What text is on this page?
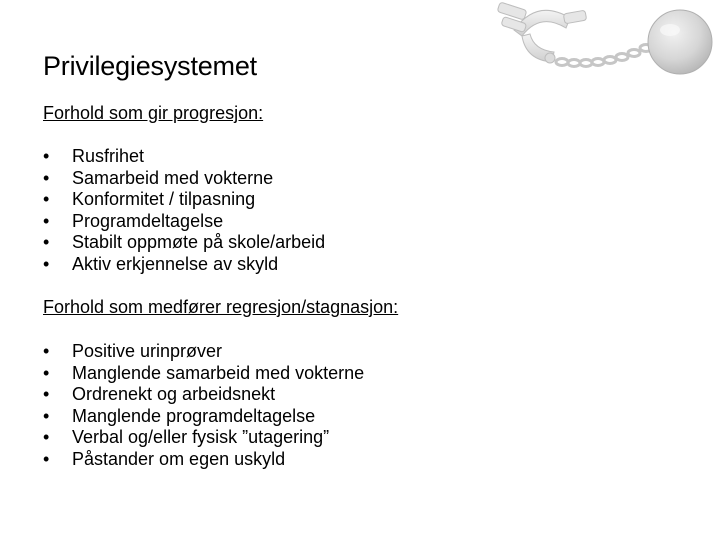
Privilegiesystemet
Forhold som gir progresjon:
• Rusfrihet
• Samarbeid med vokterne
• Konformitet / tilpasning
• Programdeltagelse
• Stabilt oppmøte på skole/arbeid
• Aktiv erkjennelse av skyld
Forhold som medfører regresjon/stagnasjon:
• Positive urinprøver
• Manglende samarbeid med vokterne
• Ordrenekt og arbeidsnekt
• Manglende programdeltagelse
• Verbal og/eller fysisk ”utagering”
• Påstander om egen uskyld
